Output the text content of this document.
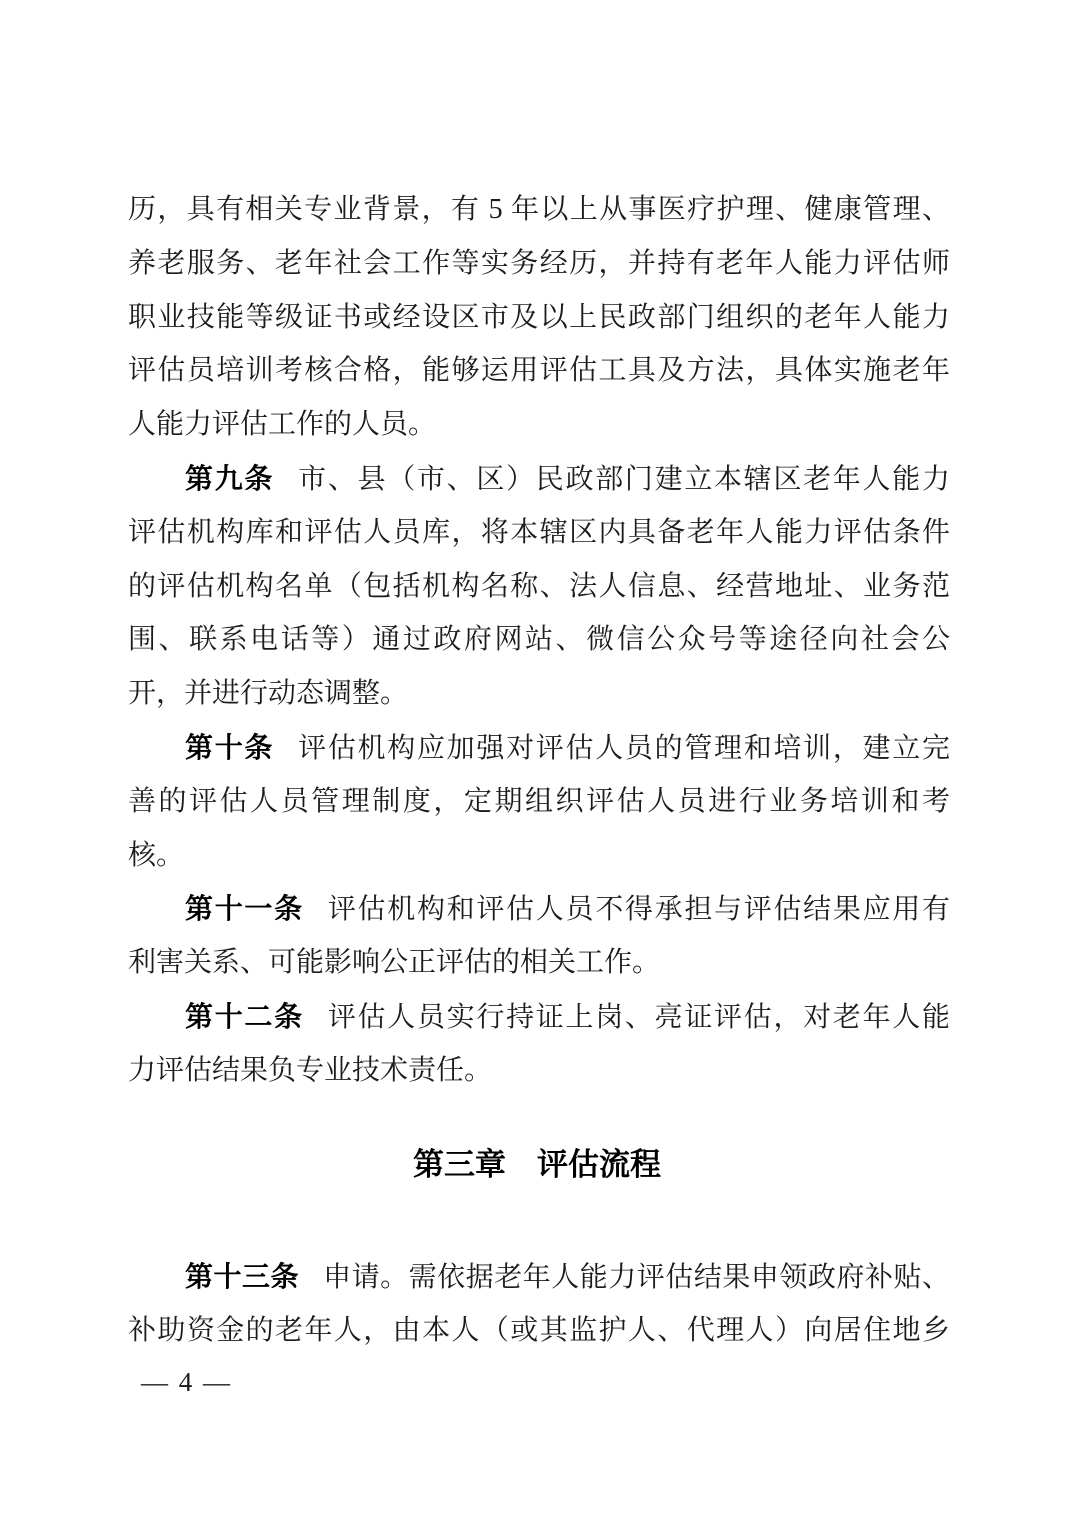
历，具有相关专业背景，有 5 年以上从事医疗护理、健康管理、
养老服务、老年社会工作等实务经历，并持有老年人能力评估师
职业技能等级证书或经设区市及以上民政部门组织的老年人能力
评估员培训考核合格，能够运用评估工具及方法，具体实施老年
人能力评估工作的人员。
第九条 市、县（市、区）民政部门建立本辖区老年人能力
评估机构库和评估人员库，将本辖区内具备老年人能力评估条件
的评估机构名单（包括机构名称、法人信息、经营地址、业务范
围、联系电话等）通过政府网站、微信公众号等途径向社会公
开，并进行动态调整。
第十条 评估机构应加强对评估人员的管理和培训，建立完
善的评估人员管理制度，定期组织评估人员进行业务培训和考
核。
第十一条 评估机构和评估人员不得承担与评估结果应用有
利害关系、可能影响公正评估的相关工作。
第十二条 评估人员实行持证上岗、亮证评估，对老年人能
力评估结果负专业技术责任。
第三章　评估流程
第十三条 申请。需依据老年人能力评估结果申领政府补贴、
补助资金的老年人，由本人（或其监护人、代理人）向居住地乡
— 4 —
